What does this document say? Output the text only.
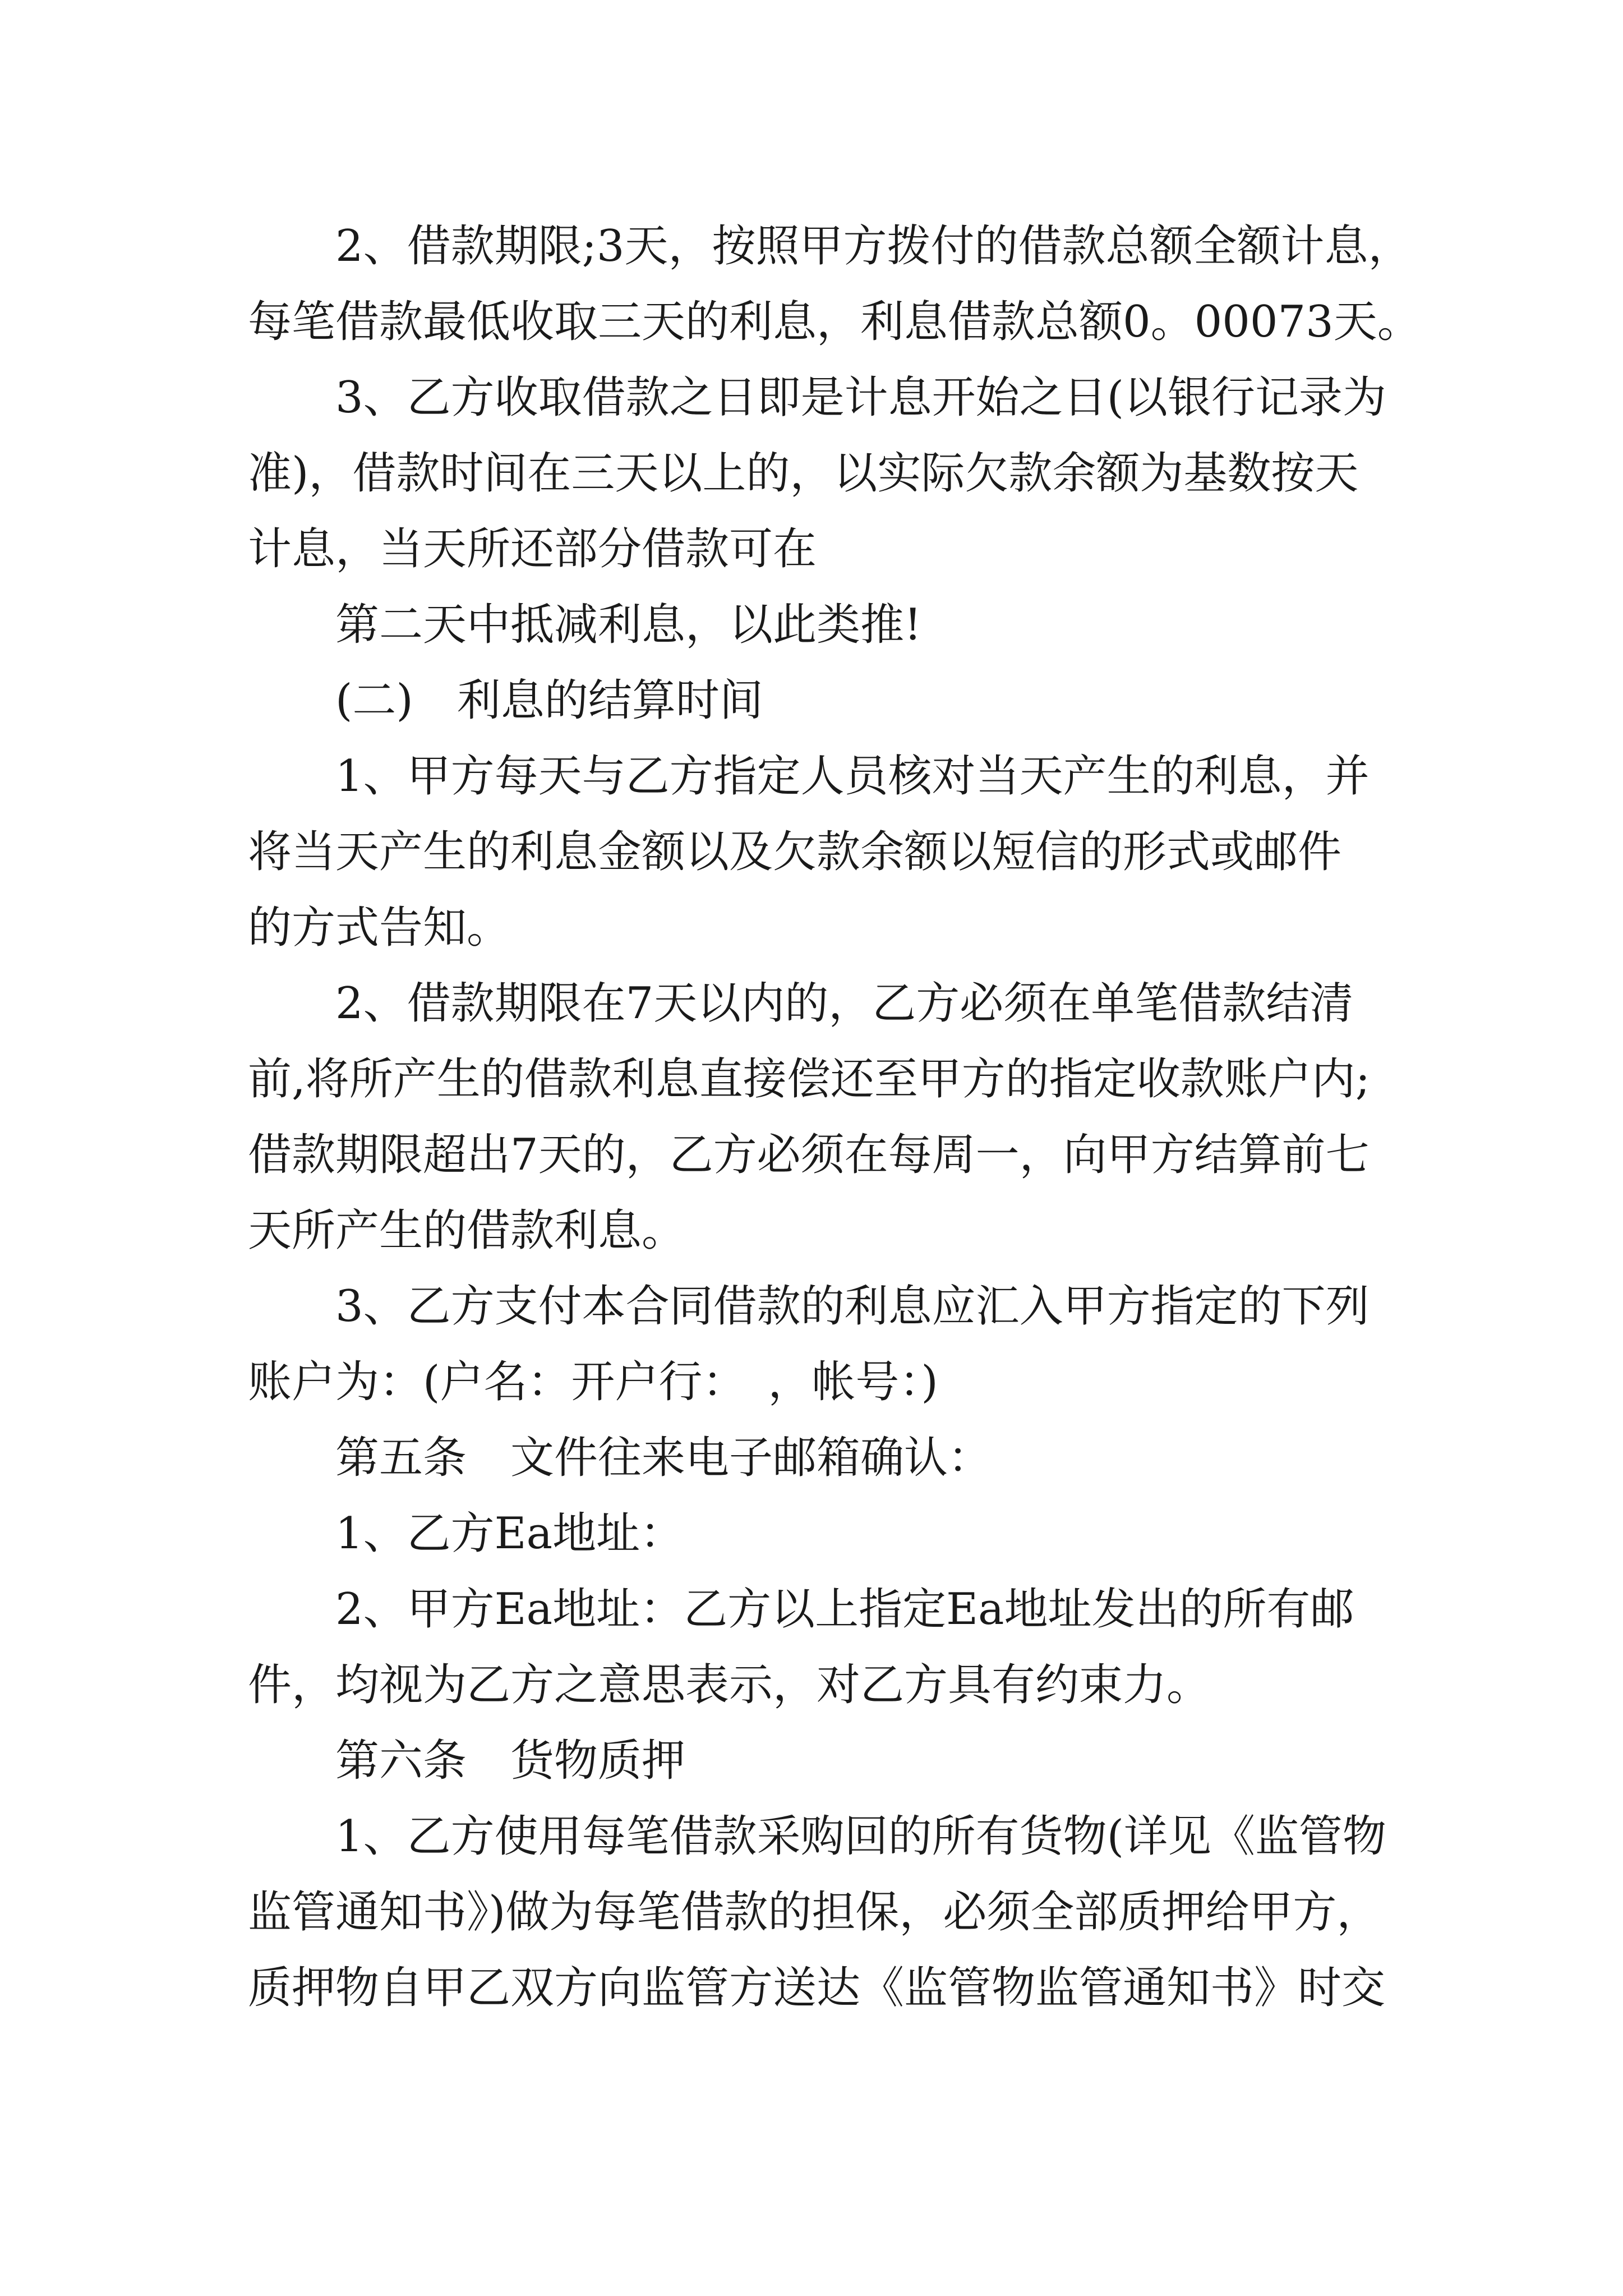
2、借款期限;3天，按照甲方拨付的借款总额全额计息，

每笔借款最低收取三天的利息，利息借款总额0。00073天。

3、乙方收取借款之日即是计息开始之日(以银行记录为

准)，借款时间在三天以上的，以实际欠款余额为基数按天

计息，当天所还部分借款可在

第二天中抵减利息，以此类推!

(二)　利息的结算时间

1、甲方每天与乙方指定人员核对当天产生的利息，并

将当天产生的利息金额以及欠款余额以短信的形式或邮件

的方式告知。

2、借款期限在7天以内的，乙方必须在单笔借款结清

前,将所产生的借款利息直接偿还至甲方的指定收款账户内;

借款期限超出7天的，乙方必须在每周一，向甲方结算前七

天所产生的借款利息。

3、乙方支付本合同借款的利息应汇入甲方指定的下列

账户为：(户名：开户行：　，帐号：)

第五条　文件往来电子邮箱确认：

1、乙方Ea地址：

2、甲方Ea地址：乙方以上指定Ea地址发出的所有邮

件，均视为乙方之意思表示，对乙方具有约束力。

第六条　货物质押

1、乙方使用每笔借款采购回的所有货物(详见《监管物

监管通知书》)做为每笔借款的担保，必须全部质押给甲方，

质押物自甲乙双方向监管方送达《监管物监管通知书》时交
